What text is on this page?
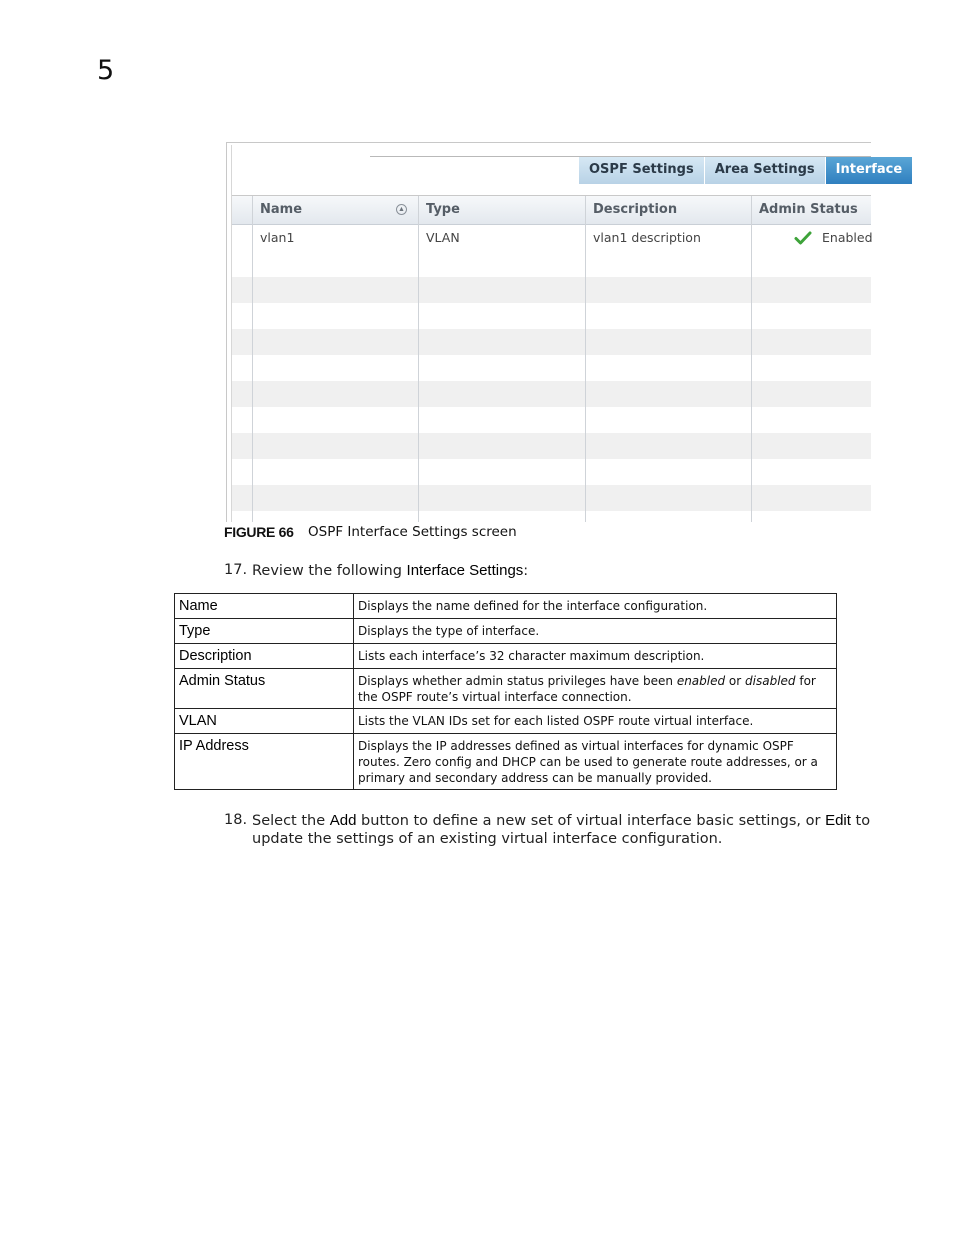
5
OSPF Settings	Area Settings	Interface
Name	▲ Type	Description	Admin Status
vlan1	VLAN	vlan1 description	Enabled
FIGURE 66 OSPF Interface Settings screen
17. Review the following Interface Settings:
Name	Displays the name defined for the interface configuration.
Type	Displays the type of interface.
Description	Lists each interface’s 32 character maximum description.
Admin Status	Displays whether admin status privileges have been enabled or disabled for the OSPF route’s virtual interface connection.
VLAN	Lists the VLAN IDs set for each listed OSPF route virtual interface.
IP Address	Displays the IP addresses defined as virtual interfaces for dynamic OSPF routes. Zero config and DHCP can be used to generate route addresses, or a primary and secondary address can be manually provided.
18. Select the Add button to define a new set of virtual interface basic settings, or Edit to update the settings of an existing virtual interface configuration.
